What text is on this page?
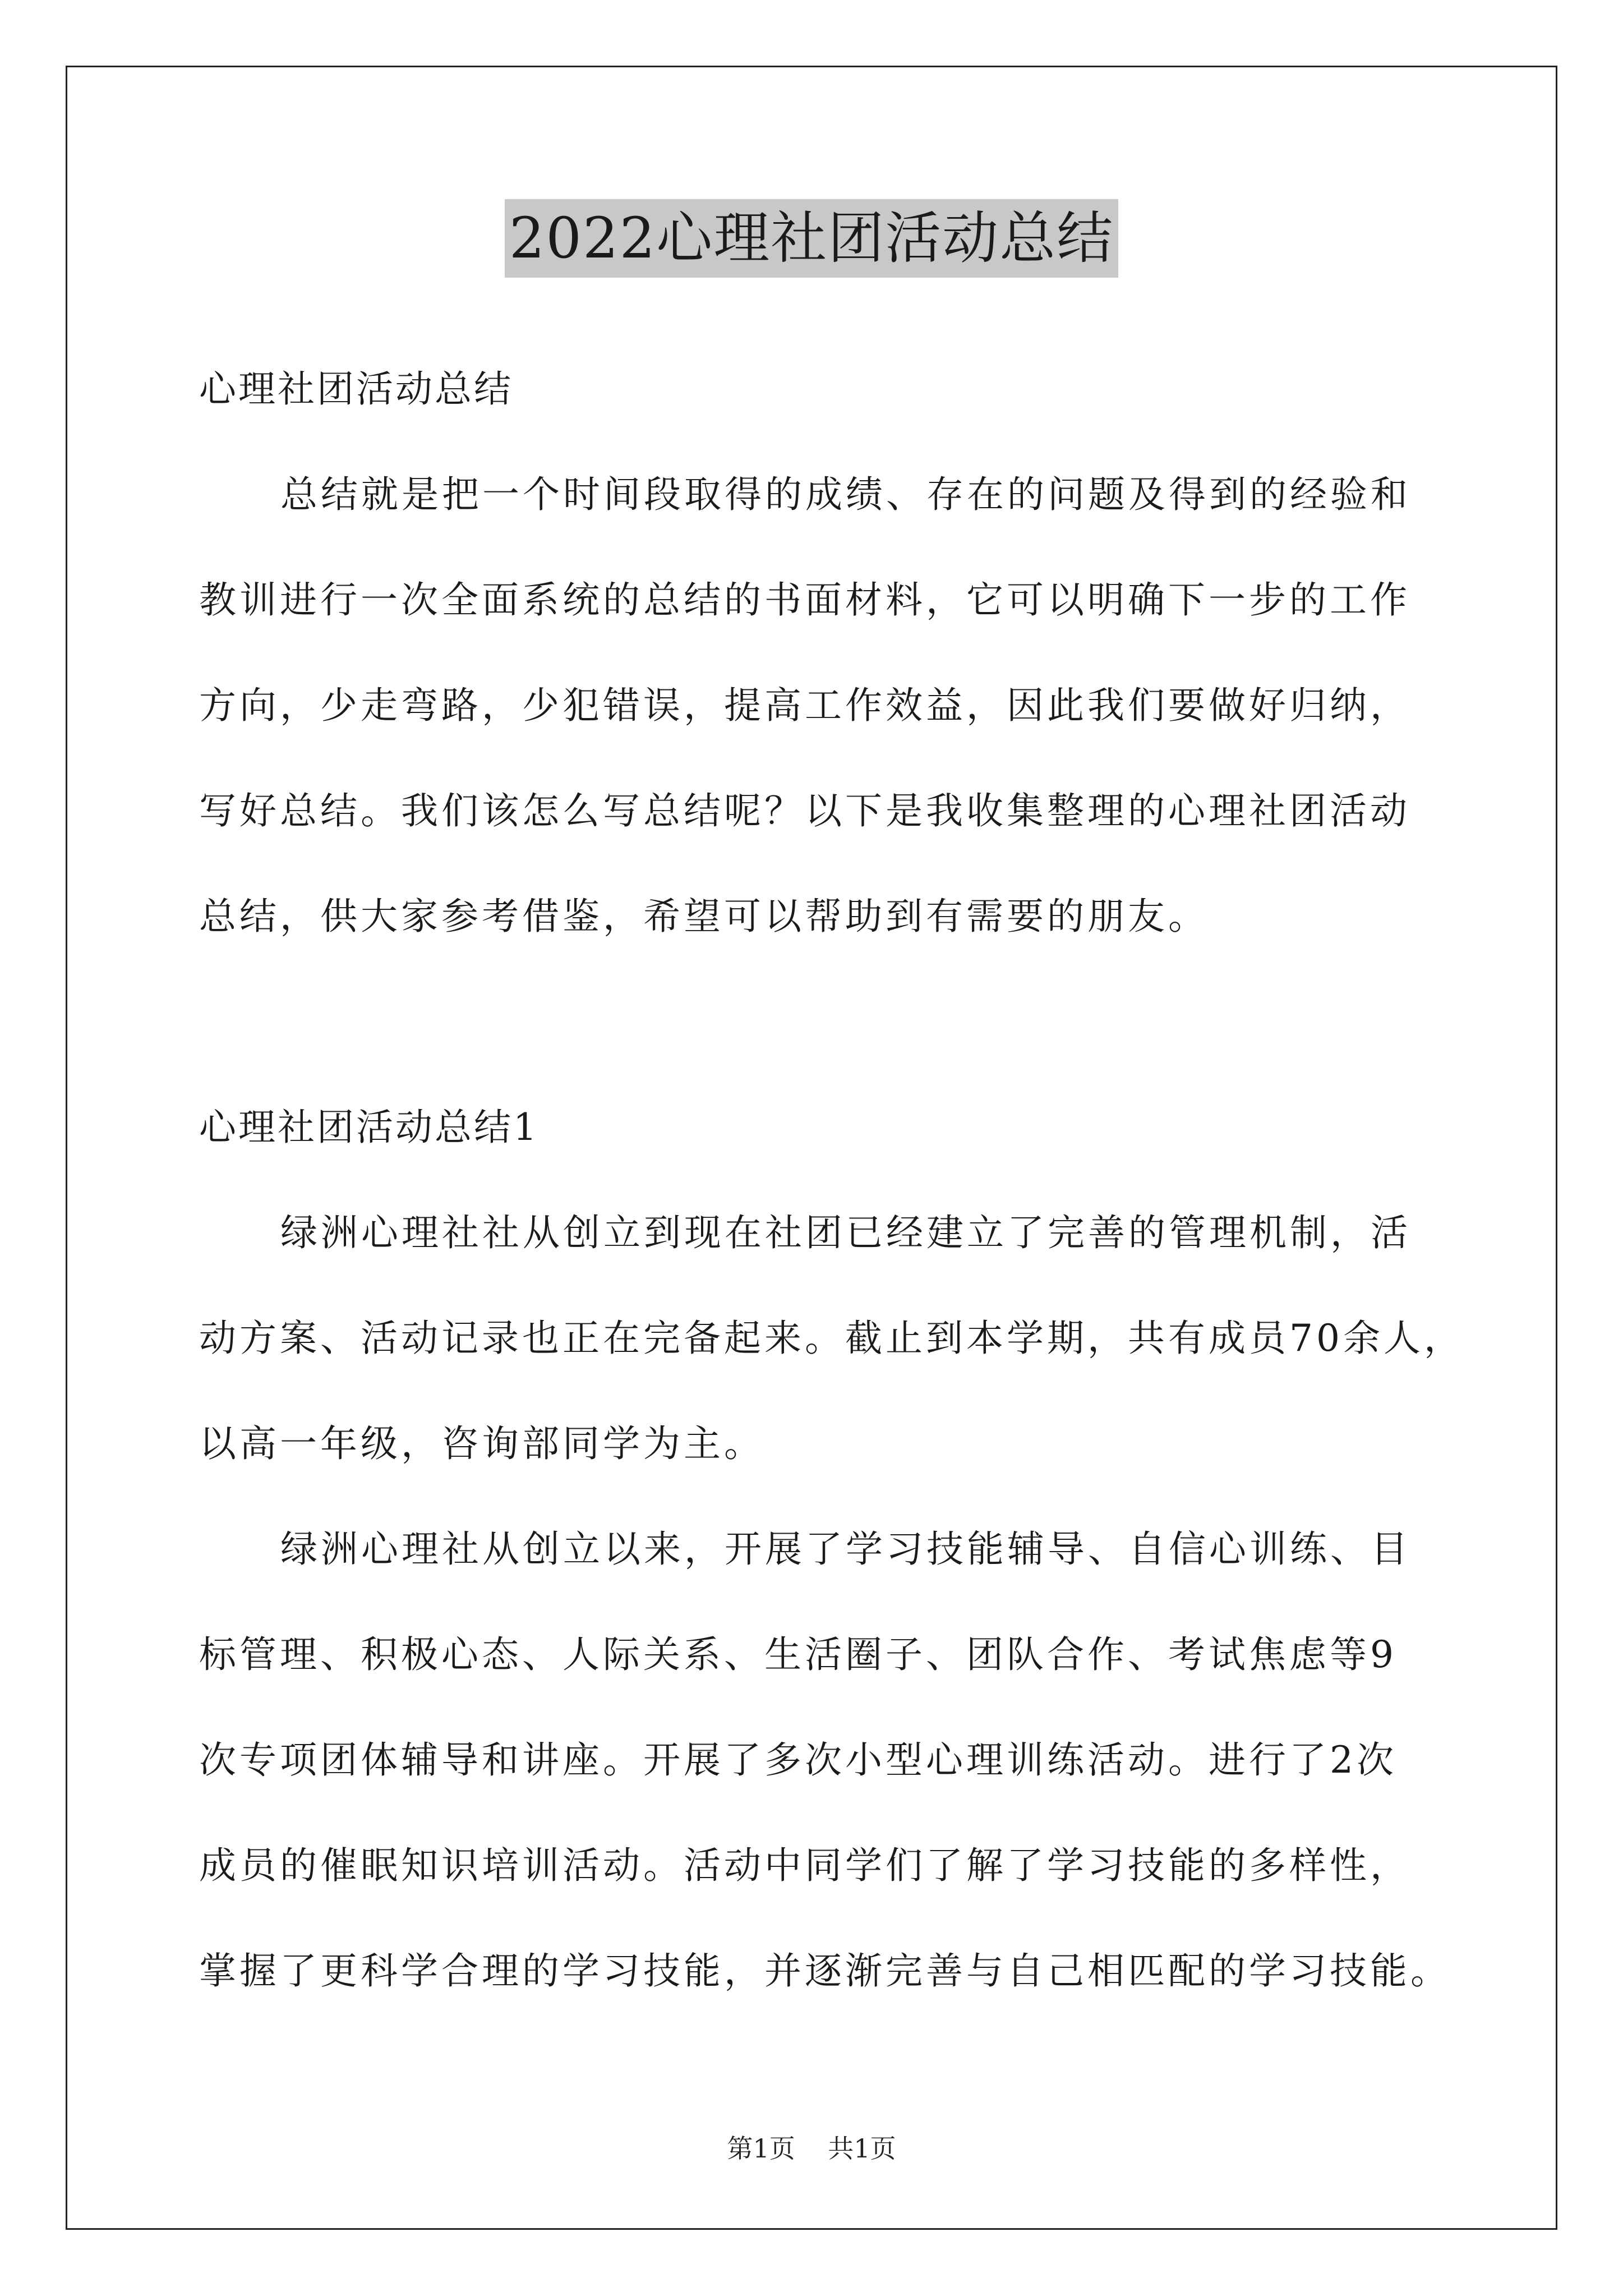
2022心理社团活动总结
心理社团活动总结
总结就是把一个时间段取得的成绩、存在的问题及得到的经验和
教训进行一次全面系统的总结的书面材料，它可以明确下一步的工作
方向，少走弯路，少犯错误，提高工作效益，因此我们要做好归纳，
写好总结。我们该怎么写总结呢？以下是我收集整理的心理社团活动
总结，供大家参考借鉴，希望可以帮助到有需要的朋友。
心理社团活动总结1
绿洲心理社社从创立到现在社团已经建立了完善的管理机制，活
动方案、活动记录也正在完备起来。截止到本学期，共有成员70余人，
以高一年级，咨询部同学为主。
绿洲心理社从创立以来，开展了学习技能辅导、自信心训练、目
标管理、积极心态、人际关系、生活圈子、团队合作、考试焦虑等9
次专项团体辅导和讲座。开展了多次小型心理训练活动。进行了2次
成员的催眠知识培训活动。活动中同学们了解了学习技能的多样性，
掌握了更科学合理的学习技能，并逐渐完善与自己相匹配的学习技能。
第1页 共1页
